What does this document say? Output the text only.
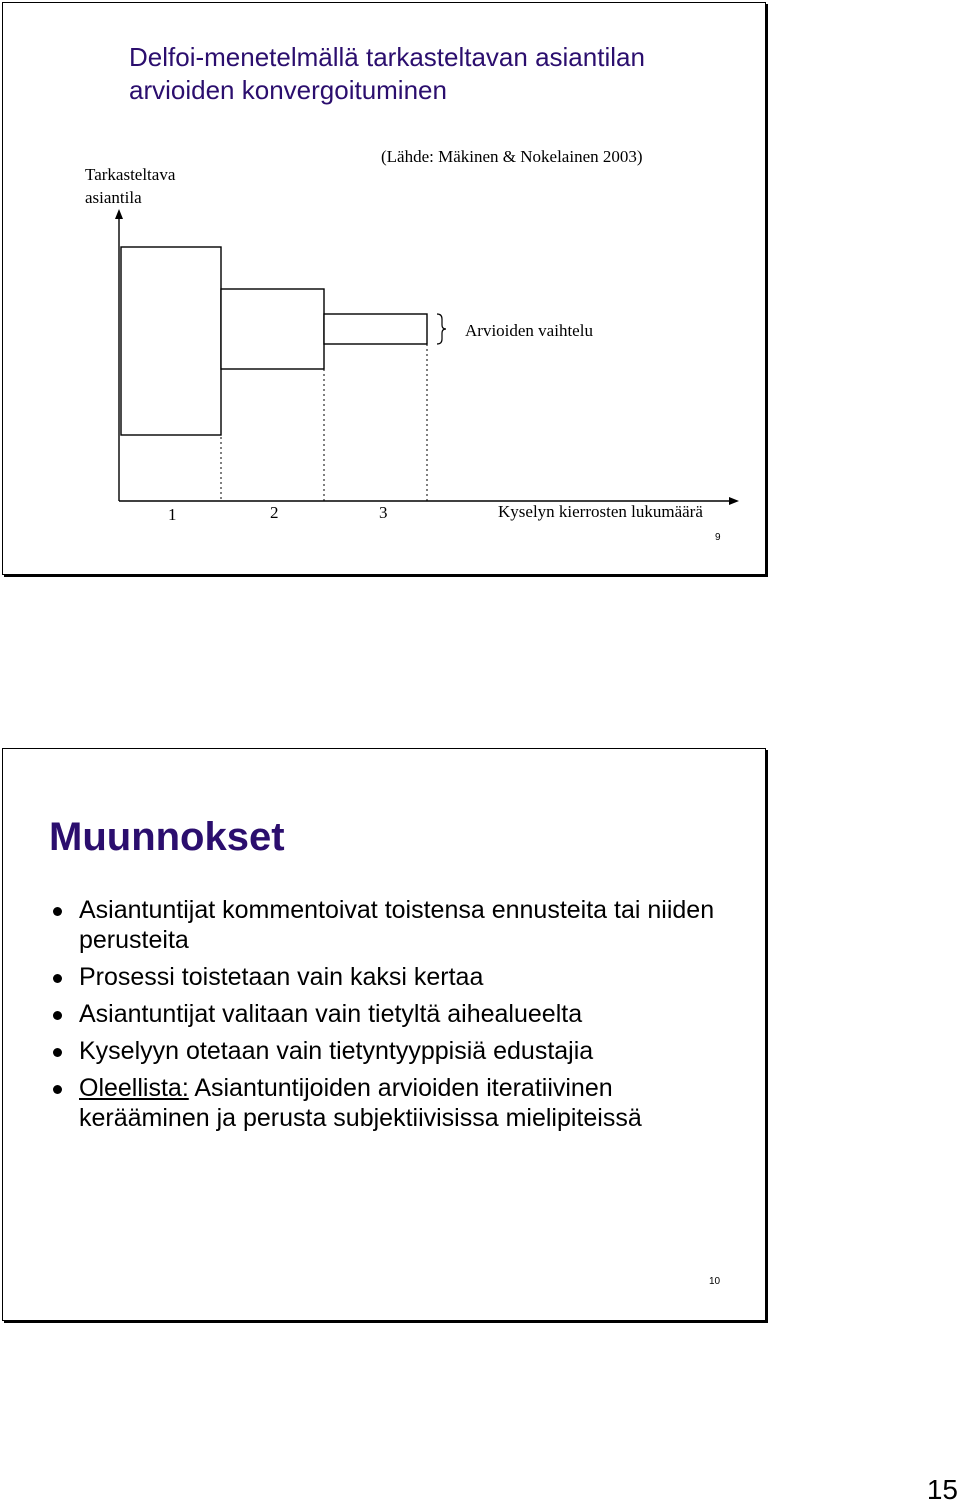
Delfoi-menetelmällä tarkasteltavan asiantilan arvioiden konvergoituminen
(Lähde: Mäkinen & Nokelainen 2003)
Tarkasteltava
asiantila
Arvioiden vaihtelu
1	2	3	Kyselyn kierrosten lukumäärä
9
Muunnokset
Asiantuntijat kommentoivat toistensa ennusteita tai niiden perusteita
Prosessi toistetaan vain kaksi kertaa
Asiantuntijat valitaan vain tietyltä aihealueelta
Kyselyyn otetaan vain tietyntyyppisiä edustajia
Oleellista: Asiantuntijoiden arvioiden iteratiivinen kerääminen ja perusta subjektiivisissa mielipiteissä
10
15
